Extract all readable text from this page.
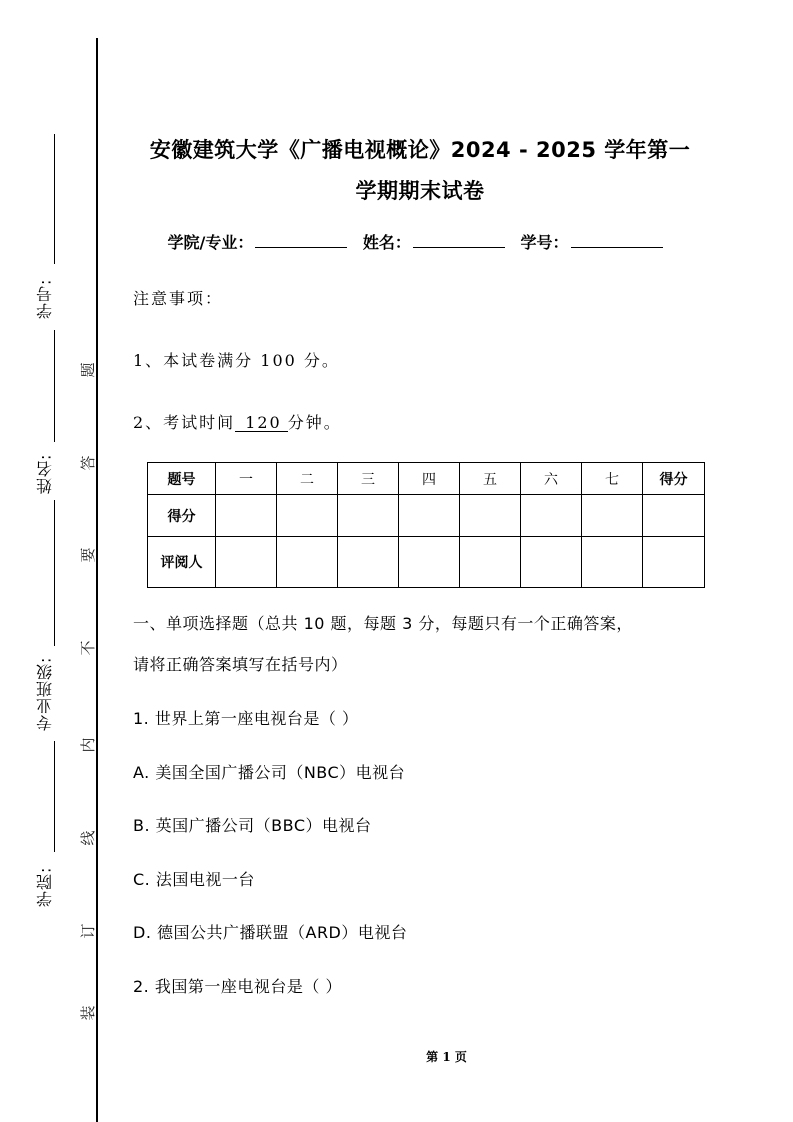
学号:
姓名:
专业班级:
学院:
题
答
要
不
内
线
订
装
安徽建筑大学《广播电视概论》2024 - 2025 学年第一
学期期末试卷
学院/专业：	姓名：	学号：
注意事项：
1、本试卷满分 100 分。
2、考试时间 120 分钟。
题号	一	二	三	四	五	六	七	得分
得分								
评阅人								
一、单项选择题（总共 10 题，每题 3 分，每题只有一个正确答案，
请将正确答案填写在括号内）
1. 世界上第一座电视台是（ ）
A. 美国全国广播公司（NBC）电视台
B. 英国广播公司（BBC）电视台
C. 法国电视一台
D. 德国公共广播联盟（ARD）电视台
2. 我国第一座电视台是（ ）
第 1 页
